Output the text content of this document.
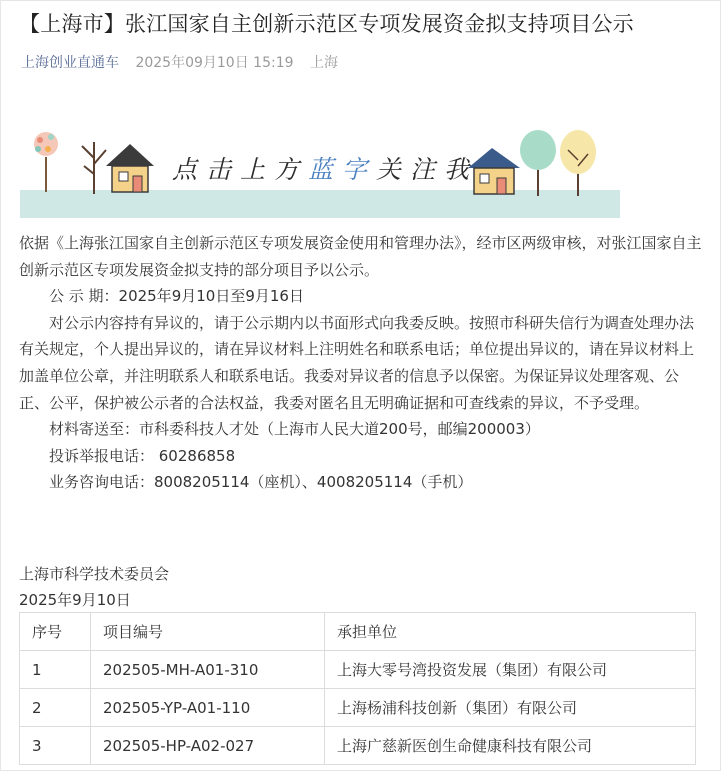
【上海市】张江国家自主创新示范区专项发展资金拟支持项目公示
上海创业直通车 2025年09月10日 15:19 上海
点击上方蓝字关注我

依据《上海张江国家自主创新示范区专项发展资金使用和管理办法》，经市区两级审核，对张江国家自主创新示范区专项发展资金拟支持的部分项目予以公示。

公 示 期：2025年9月10日至9月16日

对公示内容持有异议的，请于公示期内以书面形式向我委反映。按照市科研失信行为调查处理办法有关规定，个人提出异议的，请在异议材料上注明姓名和联系电话；单位提出异议的，请在异议材料上加盖单位公章，并注明联系人和联系电话。我委对异议者的信息予以保密。为保证异议处理客观、公正、公平，保护被公示者的合法权益，我委对匿名且无明确证据和可查线索的异议，不予受理。

材料寄送至：市科委科技人才处（上海市人民大道200号，邮编200003）

投诉举报电话： 60286858

业务咨询电话：8008205114（座机）、4008205114（手机）

上海市科学技术委员会
2025年9月10日
序号	项目编号	承担单位
1	202505-MH-A01-310	上海大零号湾投资发展（集团）有限公司
2	202505-YP-A01-110	上海杨浦科技创新（集团）有限公司
3	202505-HP-A02-027	上海广慈新医创生命健康科技有限公司
